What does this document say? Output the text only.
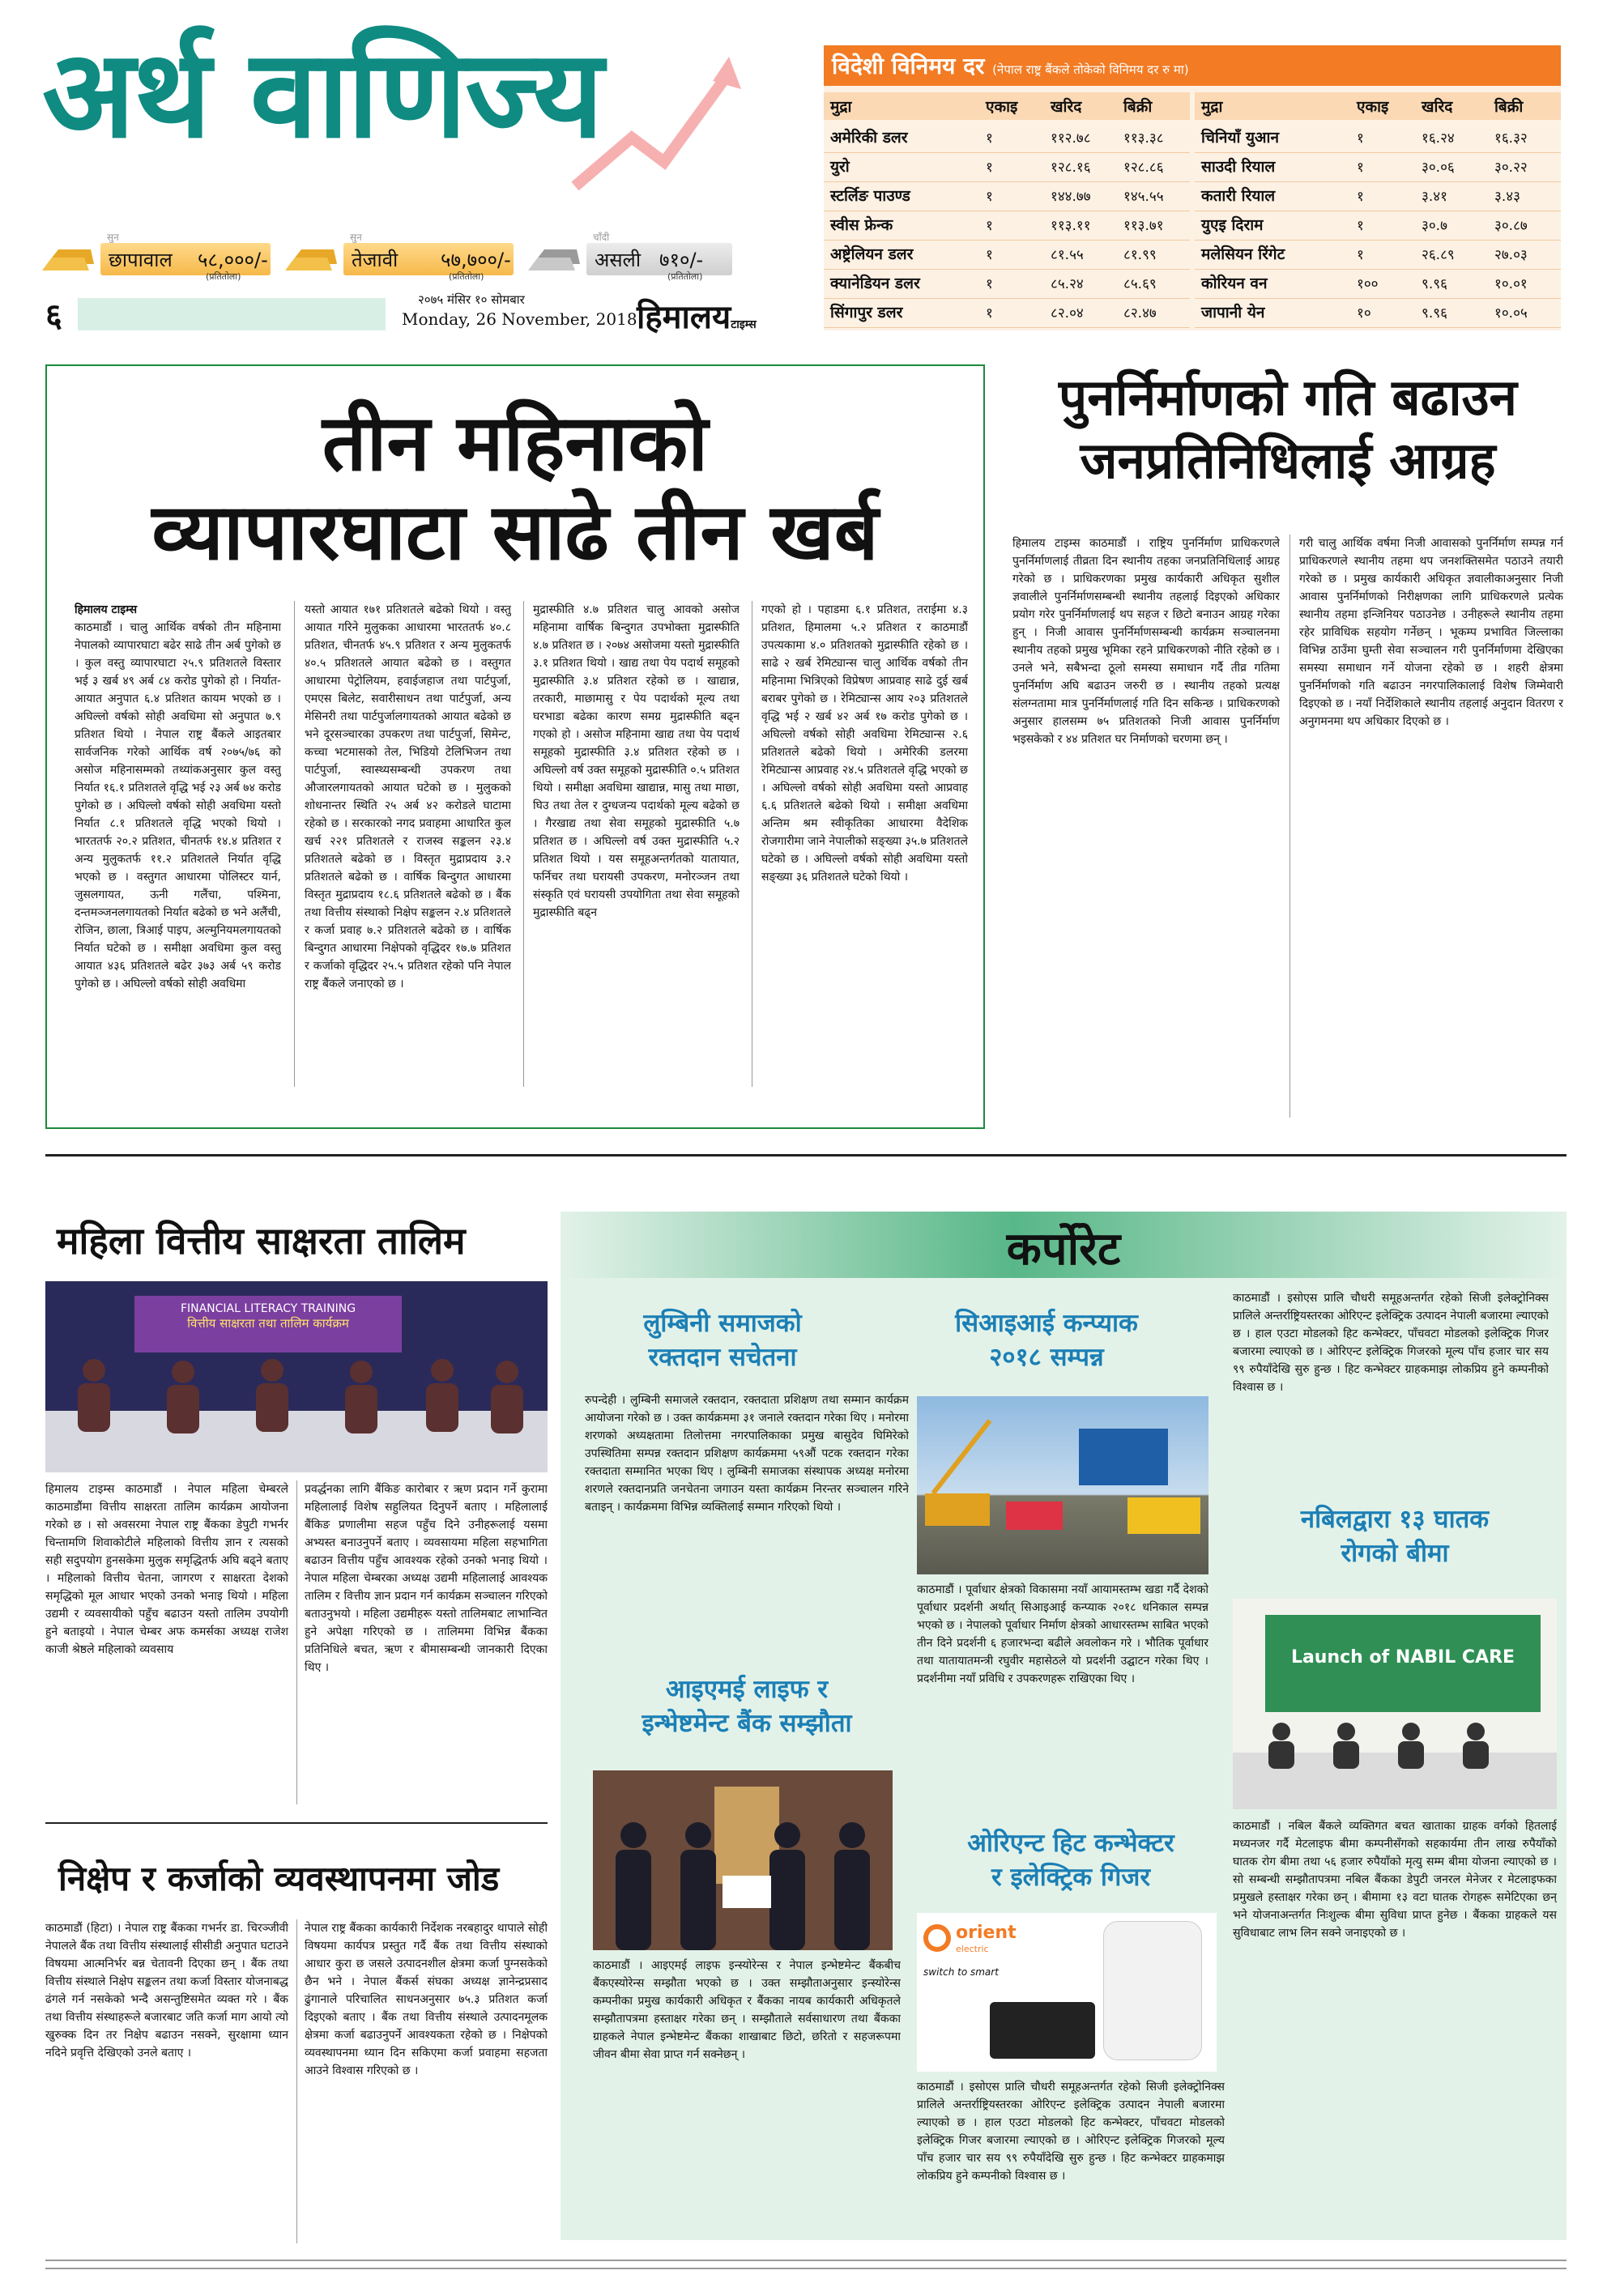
अर्थ वाणिज्य
सुन
छापावाल ५८,०००/-
(प्रतितोला)
सुन
तेजावी ५७,७००/-
(प्रतितोला)
चाँदी
असली ७१०/-
(प्रतितोला)
६	२०७५ मंसिर १० सोमबार
Monday, 26 November, 2018 हिमालयटाइम्स
विदेशी विनिमय दर (नेपाल राष्ट्र बैंकले तोकेको विनिमय दर रु मा)
मुद्रा	एकाइ खरिद	बिक्री
अमेरिकी डलर	१	११२.७८ ११३.३८
युरो	१	१२८.१६ १२८.८६
स्टर्लिङ पाउण्ड	१	१४४.७७ १४५.५५
स्वीस फ्रेन्क	१	११३.११ ११३.७१
अष्ट्रेलियन डलर	१	८१.५५	८१.९९
क्यानेडियन डलर	१	८५.२४	८५.६९
सिंगापुर डलर	१	८२.०४	८२.४७
मुद्रा	एकाइ खरिद	बिक्री
चिनियाँ युआन	१	१६.२४	१६.३२
साउदी रियाल	१	३०.०६	३०.२२
कतारी रियाल	१	३.४१	३.४३
युएइ दिराम	१	३०.७	३०.८७
मलेसियन रिंगेट	१	२६.८९	२७.०३
कोरियन वन	१००	९.९६	१०.०१
जापानी येन	१०	९.९६	१०.०५
तीन महिनाको
व्यापारघाटा साढे तीन खर्ब
हिमालय टाइम्स
काठमाडौं । चालु आर्थिक वर्षको तीन महिनामा नेपालको व्यापारघाटा बढेर साढे तीन अर्ब पुगेको छ । कुल वस्तु व्यापारघाटा २५.९ प्रतिशतले विस्तार भई ३ खर्ब ४९ अर्ब ८४ करोड पुगेको हो । निर्यात-आयात अनुपात ६.४ प्रतिशत कायम भएको छ । अघिल्लो वर्षको सोही अवधिमा सो अनुपात ७.९ प्रतिशत थियो । नेपाल राष्ट्र बैंकले आइतबार सार्वजनिक गरेको आर्थिक वर्ष २०७५/७६ को असोज महिनासम्मको तथ्यांकअनुसार कुल वस्तु निर्यात १६.१ प्रतिशतले वृद्धि भई २३ अर्ब ७४ करोड पुगेको छ । अघिल्लो वर्षको सोही अवधिमा यस्तो निर्यात ८.१ प्रतिशतले वृद्धि भएको थियो । भारततर्फ २०.२ प्रतिशत, चीनतर्फ १४.४ प्रतिशत र अन्य मुलुकतर्फ ११.२ प्रतिशतले निर्यात वृद्धि भएको छ । वस्तुगत आधारमा पोलिस्टर यार्न, जुसलगायत, ऊनी गलैंचा, पश्मिना, दन्तमञ्जनलगायतको निर्यात बढेको छ भने अलैंची, रोजिन, छाला, त्रिआई पाइप, अल्मुनियमलगायतको निर्यात घटेको छ । समीक्षा अवधिमा कुल वस्तु आयात ४३६ प्रतिशतले बढेर ३७३ अर्ब ५९ करोड पुगेको छ । अघिल्लो वर्षको सोही अवधिमा
यस्तो आयात १७१ प्रतिशतले बढेको थियो । वस्तु आयात गरिने मुलुकका आधारमा भारततर्फ ४०.८ प्रतिशत, चीनतर्फ ४५.९ प्रतिशत र अन्य मुलुकतर्फ ४०.५ प्रतिशतले आयात बढेको छ । वस्तुगत आधारमा पेट्रोलियम, हवाईजहाज तथा पार्टपुर्जा, एमएस बिलेट, सवारीसाधन तथा पार्टपुर्जा, अन्य मेसिनरी तथा पार्टपुर्जालगायतको आयात बढेको छ भने दूरसञ्चारका उपकरण तथा पार्टपुर्जा, सिमेन्ट, कच्चा भटमासको तेल, भिडियो टेलिभिजन तथा पार्टपुर्जा, स्वास्थ्यसम्बन्धी उपकरण तथा औजारलगायतको आयात घटेको छ । मुलुकको शोधनान्तर स्थिति २५ अर्ब ४२ करोडले घाटामा रहेको छ । सरकारको नगद प्रवाहमा आधारित कुल खर्च २२१ प्रतिशतले र राजस्व सङ्कलन २३.४ प्रतिशतले बढेको छ । विस्तृत मुद्राप्रदाय ३.२ प्रतिशतले बढेको छ । वार्षिक बिन्दुगत आधारमा विस्तृत मुद्राप्रदाय १८.६ प्रतिशतले बढेको छ । बैंक तथा वित्तीय संस्थाको निक्षेप सङ्कलन २.४ प्रतिशतले र कर्जा प्रवाह ७.२ प्रतिशतले बढेको छ । वार्षिक बिन्दुगत आधारमा निक्षेपको वृद्धिदर १७.७ प्रतिशत र कर्जाको वृद्धिदर २५.५ प्रतिशत रहेको पनि नेपाल राष्ट्र बैंकले जनाएको छ ।
मुद्रास्फीति ४.७ प्रतिशत चालु आवको असोज महिनामा वार्षिक बिन्दुगत उपभोक्ता मुद्रास्फीति ४.७ प्रतिशत छ । २०७४ असोजमा यस्तो मुद्रास्फीति ३.१ प्रतिशत थियो । खाद्य तथा पेय पदार्थ समूहको मुद्रास्फीति ३.४ प्रतिशत रहेको छ । खाद्यान्न, तरकारी, माछामासु र पेय पदार्थको मूल्य तथा घरभाडा बढेका कारण समग्र मुद्रास्फीति बढ्न गएको हो । असोज महिनामा खाद्य तथा पेय पदार्थ समूहको मुद्रास्फीति ३.४ प्रतिशत रहेको छ । अघिल्लो वर्ष उक्त समूहको मुद्रास्फीति ०.५ प्रतिशत थियो । समीक्षा अवधिमा खाद्यान्न, मासु तथा माछा, घिउ तथा तेल र दुग्धजन्य पदार्थको मूल्य बढेको छ । गैरखाद्य तथा सेवा समूहको मुद्रास्फीति ५.७ प्रतिशत छ । अघिल्लो वर्ष उक्त मुद्रास्फीति ५.२ प्रतिशत थियो । यस समूहअन्तर्गतको यातायात, फर्निचर तथा घरायसी उपकरण, मनोरञ्जन तथा संस्कृति एवं घरायसी उपयोगिता तथा सेवा समूहको मुद्रास्फीति बढ्न
गएको हो । पहाडमा ६.१ प्रतिशत, तराईमा ४.३ प्रतिशत, हिमालमा ५.२ प्रतिशत र काठमाडौं उपत्यकामा ४.० प्रतिशतको मुद्रास्फीति रहेको छ । साढे २ खर्ब रेमिट्यान्स चालु आर्थिक वर्षको तीन महिनामा भित्रिएको विप्रेषण आप्रवाह साढे दुई खर्ब बराबर पुगेको छ । रेमिट्यान्स आय २०३ प्रतिशतले वृद्धि भई २ खर्ब ४२ अर्ब १७ करोड पुगेको छ । अघिल्लो वर्षको सोही अवधिमा रेमिट्यान्स २.६ प्रतिशतले बढेको थियो । अमेरिकी डलरमा रेमिट्यान्स आप्रवाह २४.५ प्रतिशतले वृद्धि भएको छ । अघिल्लो वर्षको सोही अवधिमा यस्तो आप्रवाह ६.६ प्रतिशतले बढेको थियो । समीक्षा अवधिमा अन्तिम श्रम स्वीकृतिका आधारमा वैदेशिक रोजगारीमा जाने नेपालीको सङ्ख्या ३५.७ प्रतिशतले घटेको छ । अघिल्लो वर्षको सोही अवधिमा यस्तो सङ्ख्या ३६ प्रतिशतले घटेको थियो ।
पुनर्निर्माणको गति बढाउन
जनप्रतिनिधिलाई आग्रह
हिमालय टाइम्स काठमाडौं । राष्ट्रिय पुनर्निर्माण प्राधिकरणले पुनर्निर्माणलाई तीव्रता दिन स्थानीय तहका जनप्रतिनिधिलाई आग्रह गरेको छ । प्राधिकरणका प्रमुख कार्यकारी अधिकृत सुशील ज्ञवालीले पुनर्निर्माणसम्बन्धी स्थानीय तहलाई दिइएको अधिकार प्रयोग गरेर पुनर्निर्माणलाई थप सहज र छिटो बनाउन आग्रह गरेका हुन् । निजी आवास पुनर्निर्माणसम्बन्धी कार्यक्रम सञ्चालनमा स्थानीय तहको प्रमुख भूमिका रहने प्राधिकरणको नीति रहेको छ । उनले भने, सबैभन्दा ठूलो समस्या समाधान गर्दै तीव्र गतिमा पुनर्निर्माण अघि बढाउन जरुरी छ । स्थानीय तहको प्रत्यक्ष संलग्नतामा मात्र पुनर्निर्माणलाई गति दिन सकिन्छ । प्राधिकरणको अनुसार हालसम्म ७५ प्रतिशतको निजी आवास पुनर्निर्माण भइसकेको र ४४ प्रतिशत घर निर्माणको चरणमा छन् ।
गरी चालु आर्थिक वर्षमा निजी आवासको पुनर्निर्माण सम्पन्न गर्न प्राधिकरणले स्थानीय तहमा थप जनशक्तिसमेत पठाउने तयारी गरेको छ । प्रमुख कार्यकारी अधिकृत ज्ञवालीकाअनुसार निजी आवास पुनर्निर्माणको निरीक्षणका लागि प्राधिकरणले प्रत्येक स्थानीय तहमा इन्जिनियर पठाउनेछ । उनीहरूले स्थानीय तहमा रहेर प्राविधिक सहयोग गर्नेछन् । भूकम्प प्रभावित जिल्लाका विभिन्न ठाउँमा घुम्ती सेवा सञ्चालन गरी पुनर्निर्माणमा देखिएका समस्या समाधान गर्ने योजना रहेको छ । शहरी क्षेत्रमा पुनर्निर्माणको गति बढाउन नगरपालिकालाई विशेष जिम्मेवारी दिइएको छ । नयाँ निर्देशिकाले स्थानीय तहलाई अनुदान वितरण र अनुगमनमा थप अधिकार दिएको छ ।
महिला वित्तीय साक्षरता तालिम
FINANCIAL LITERACY TRAINING
वित्तीय साक्षरता तथा तालिम कार्यक्रम
हिमालय टाइम्स काठमाडौं । नेपाल महिला चेम्बरले काठमाडौंमा वित्तीय साक्षरता तालिम कार्यक्रम आयोजना गरेको छ । सो अवसरमा नेपाल राष्ट्र बैंकका डेपुटी गभर्नर चिन्तामणि शिवाकोटीले महिलाको वित्तीय ज्ञान र त्यसको सही सदुपयोग हुनसकेमा मुलुक समृद्धितर्फ अघि बढ्ने बताए । महिलाको वित्तीय चेतना, जागरण र साक्षरता देशको समृद्धिको मूल आधार भएको उनको भनाइ थियो । महिला उद्यमी र व्यवसायीको पहुँच बढाउन यस्तो तालिम उपयोगी हुने बताइयो । नेपाल चेम्बर अफ कमर्सका अध्यक्ष राजेश काजी श्रेष्ठले महिलाको व्यवसाय
प्रवर्द्धनका लागि बैंकिङ कारोबार र ऋण प्रदान गर्ने कुरामा महिलालाई विशेष सहुलियत दिनुपर्ने बताए । महिलालाई बैंकिङ प्रणालीमा सहज पहुँच दिने उनीहरूलाई यसमा अभ्यस्त बनाउनुपर्ने बताए । व्यवसायमा महिला सहभागिता बढाउन वित्तीय पहुँच आवश्यक रहेको उनको भनाइ थियो । नेपाल महिला चेम्बरका अध्यक्ष उद्यमी महिलालाई आवश्यक तालिम र वित्तीय ज्ञान प्रदान गर्न कार्यक्रम सञ्चालन गरिएको बताउनुभयो । महिला उद्यमीहरू यस्तो तालिमबाट लाभान्वित हुने अपेक्षा गरिएको छ । तालिममा विभिन्न बैंकका प्रतिनिधिले बचत, ऋण र बीमासम्बन्धी जानकारी दिएका थिए ।
निक्षेप र कर्जाको व्यवस्थापनमा जोड
काठमाडौं (हिटा) । नेपाल राष्ट्र बैंकका गभर्नर डा. चिरञ्जीवी नेपालले बैंक तथा वित्तीय संस्थालाई सीसीडी अनुपात घटाउने विषयमा आत्मनिर्भर बन्न चेतावनी दिएका छन् । बैंक तथा वित्तीय संस्थाले निक्षेप सङ्कलन तथा कर्जा विस्तार योजनाबद्ध ढंगले गर्न नसकेको भन्दै असन्तुष्टिसमेत व्यक्त गरे । बैंक तथा वित्तीय संस्थाहरूले बजारबाट जति कर्जा माग आयो त्यो खुरुक्क दिन तर निक्षेप बढाउन नसक्ने, सुरक्षामा ध्यान नदिने प्रवृत्ति देखिएको उनले बताए ।
नेपाल राष्ट्र बैंकका कार्यकारी निर्देशक नरबहादुर थापाले सोही विषयमा कार्यपत्र प्रस्तुत गर्दै बैंक तथा वित्तीय संस्थाको आधार कुरा छ जसले उत्पादनशील क्षेत्रमा कर्जा पुग्नसकेको छैन भने । नेपाल बैंकर्स संघका अध्यक्ष ज्ञानेन्द्रप्रसाद ढुंगानाले परिचालित साधनअनुसार ७५.३ प्रतिशत कर्जा दिइएको बताए । बैंक तथा वित्तीय संस्थाले उत्पादनमूलक क्षेत्रमा कर्जा बढाउनुपर्ने आवश्यकता रहेको छ । निक्षेपको व्यवस्थापनमा ध्यान दिन सकिएमा कर्जा प्रवाहमा सहजता आउने विश्वास गरिएको छ ।
कर्पोरेट
लुम्बिनी समाजको
रक्तदान सचेतना
रुपन्देही । लुम्बिनी समाजले रक्तदान, रक्तदाता प्रशिक्षण तथा सम्मान कार्यक्रम आयोजना गरेको छ । उक्त कार्यक्रममा ३१ जनाले रक्तदान गरेका थिए । मनोरमा शरणको अध्यक्षतामा तिलोत्तमा नगरपालिकाका प्रमुख बासुदेव घिमिरेको उपस्थितिमा सम्पन्न रक्तदान प्रशिक्षण कार्यक्रममा ५९औं पटक रक्तदान गरेका रक्तदाता सम्मानित भएका थिए । लुम्बिनी समाजका संस्थापक अध्यक्ष मनोरमा शरणले रक्तदानप्रति जनचेतना जगाउन यस्ता कार्यक्रम निरन्तर सञ्चालन गरिने बताइन् । कार्यक्रममा विभिन्न व्यक्तिलाई सम्मान गरिएको थियो ।
सिआइआई कन्प्याक
२०१८ सम्पन्न
काठमाडौं । पूर्वाधार क्षेत्रको विकासमा नयाँ आयामस्तम्भ खडा गर्दै देशको पूर्वाधार प्रदर्शनी अर्थात् सिआइआई कन्प्याक २०१८ धनिकाल सम्पन्न भएको छ । नेपालको पूर्वाधार निर्माण क्षेत्रको आधारस्तम्भ साबित भएको तीन दिने प्रदर्शनी ६ हजारभन्दा बढीले अवलोकन गरे । भौतिक पूर्वाधार तथा यातायातमन्त्री रघुवीर महासेठले यो प्रदर्शनी उद्घाटन गरेका थिए । प्रदर्शनीमा नयाँ प्रविधि र उपकरणहरू राखिएका थिए ।
काठमाडौं । इसोएस प्रालि चौधरी समूहअन्तर्गत रहेको सिजी इलेक्ट्रोनिक्स प्रालिले अन्तर्राष्ट्रियस्तरका ओरिएन्ट इलेक्ट्रिक उत्पादन नेपाली बजारमा ल्याएको छ । हाल एउटा मोडलको हिट कन्भेक्टर, पाँचवटा मोडलको इलेक्ट्रिक गिजर बजारमा ल्याएको छ । ओरिएन्ट इलेक्ट्रिक गिजरको मूल्य पाँच हजार चार सय ९९ रुपैयाँदेखि सुरु हुन्छ । हिट कन्भेक्टर ग्राहकमाझ लोकप्रिय हुने कम्पनीको विश्वास छ ।
नबिलद्वारा १३ घातक
रोगको बीमा
Launch of NABIL CARE
काठमाडौं । नबिल बैंकले व्यक्तिगत बचत खाताका ग्राहक वर्गको हितलाई मध्यनजर गर्दै मेटलाइफ बीमा कम्पनीसँगको सहकार्यमा तीन लाख रुपैयाँको घातक रोग बीमा तथा ५६ हजार रुपैयाँको मृत्यु सम्म बीमा योजना ल्याएको छ । सो सम्बन्धी सम्झौतापत्रमा नबिल बैंकका डेपुटी जनरल मेनेजर र मेटलाइफका प्रमुखले हस्ताक्षर गरेका छन् । बीमामा १३ वटा घातक रोगहरू समेटिएका छन् भने योजनाअन्तर्गत निःशुल्क बीमा सुविधा प्राप्त हुनेछ । बैंकका ग्राहकले यस सुविधाबाट लाभ लिन सक्ने जनाइएको छ ।
आइएमई लाइफ र
इन्भेष्टमेन्ट बैंक सम्झौता
काठमाडौं । आइएमई लाइफ इन्स्योरेन्स र नेपाल इन्भेष्टमेन्ट बैंकबीच बैंकएस्योरेन्स सम्झौता भएको छ । उक्त सम्झौताअनुसार इन्स्योरेन्स कम्पनीका प्रमुख कार्यकारी अधिकृत र बैंकका नायब कार्यकारी अधिकृतले सम्झौतापत्रमा हस्ताक्षर गरेका छन् । सम्झौताले सर्वसाधारण तथा बैंकका ग्राहकले नेपाल इन्भेष्टमेन्ट बैंकका शाखाबाट छिटो, छरितो र सहजरूपमा जीवन बीमा सेवा प्राप्त गर्न सक्नेछन् ।
ओरिएन्ट हिट कन्भेक्टर
र इलेक्ट्रिक गिजर
orient
electric
switch to smart
काठमाडौं । इसोएस प्रालि चौधरी समूहअन्तर्गत रहेको सिजी इलेक्ट्रोनिक्स प्रालिले अन्तर्राष्ट्रियस्तरका ओरिएन्ट इलेक्ट्रिक उत्पादन नेपाली बजारमा ल्याएको छ । हाल एउटा मोडलको हिट कन्भेक्टर, पाँचवटा मोडलको इलेक्ट्रिक गिजर बजारमा ल्याएको छ । ओरिएन्ट इलेक्ट्रिक गिजरको मूल्य पाँच हजार चार सय ९९ रुपैयाँदेखि सुरु हुन्छ । हिट कन्भेक्टर ग्राहकमाझ लोकप्रिय हुने कम्पनीको विश्वास छ ।
